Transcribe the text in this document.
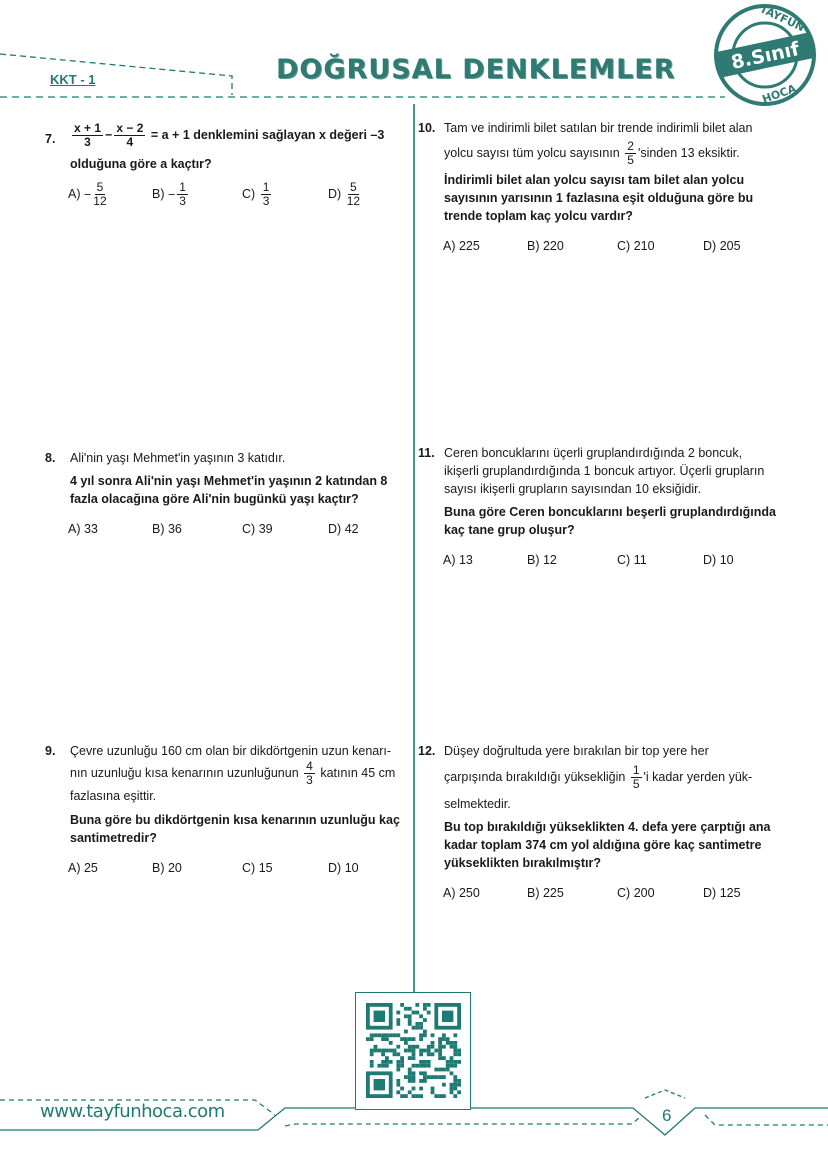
KKT - 1	DOĞRUSAL DENKLEMLER
TAYFUN
HOCA
8.Sınıf
7. $\frac{x + 1}{3} - \frac{x - 2}{4} = a + 1$ denklemini sağlayan x değeri –3
olduğuna göre a kaçtır?
$A) - \frac{5}{12}$	$B) - \frac{1}{3}$	$C) \frac{1}{3}$	$D) \frac{5}{12}$
8. Ali'nin yaşı Mehmet'in yaşının 3 katıdır.
4 yıl sonra Ali'nin yaşı Mehmet'in yaşının 2 katından 8 fazla olacağına göre Ali'nin bugünkü yaşı kaçtır?
A) 33	B) 36	C) 39	D) 42
9. Çevre uzunluğu 160 cm olan bir dikdörtgenin uzun kenarı-
nın uzunluğu kısa kenarının uzunluğunun $\frac{4}{3}$ katının 45 cm
fazlasına eşittir.
Buna göre bu dikdörtgenin kısa kenarının uzunluğu kaç santimetredir?
A) 25	B) 20	C) 15	D) 10
10. Tam ve indirimli bilet satılan bir trende indirimli bilet alan
yolcu sayısı tüm yolcu sayısının $\frac{2}{5}$ 'sinden 13 eksiktir.
İndirimli bilet alan yolcu sayısı tam bilet alan yolcu sayısının yarısının 1 fazlasına eşit olduğuna göre bu trende toplam kaç yolcu vardır?
A) 225	B) 220	C) 210	D) 205
11. Ceren boncuklarını üçerli gruplandırdığında 2 boncuk, ikişerli gruplandırdığında 1 boncuk artıyor. Üçerli grupların sayısı ikişerli grupların sayısından 10 eksiğidir.
Buna göre Ceren boncuklarını beşerli gruplandırdığında kaç tane grup oluşur?
A) 13	B) 12	C) 11	D) 10
12. Düşey doğrultuda yere bırakılan bir top yere her
çarpışında bırakıldığı yüksekliğin $\frac{1}{5}$ 'i kadar yerden yük-
selmektedir.
Bu top bırakıldığı yükseklikten 4. defa yere çarptığı ana kadar toplam 374 cm yol aldığına göre kaç santimetre yükseklikten bırakılmıştır?
A) 250	B) 225	C) 200	D) 125
www.tayfunhoca.com	6
